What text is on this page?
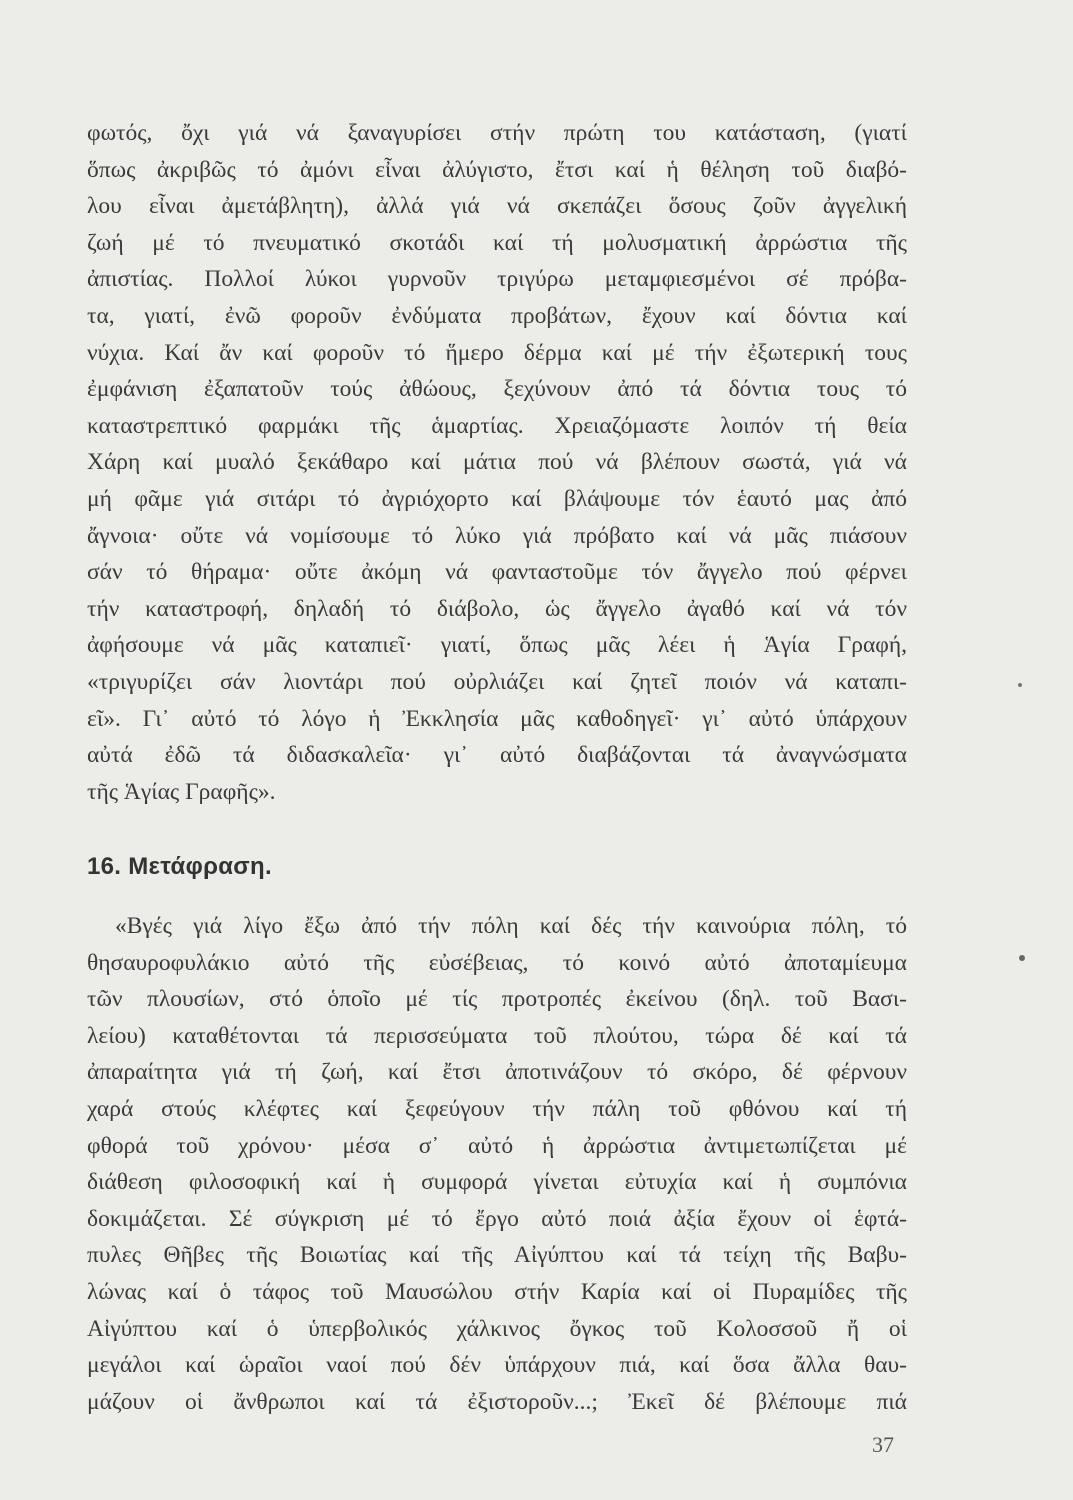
φωτός, ὄχι γιά νά ξαναγυρίσει στήν πρώτη του κατάσταση, (γιατί
ὅπως ἀκριβῶς τό ἀμόνι εἶναι ἀλύγιστο, ἔτσι καί ἡ θέληση τοῦ διαβό-
λου εἶναι ἀμετάβλητη), ἀλλά γιά νά σκεπάζει ὅσους ζοῦν ἀγγελική
ζωή μέ τό πνευματικό σκοτάδι καί τή μολυσματική ἀρρώστια τῆς
ἀπιστίας. Πολλοί λύκοι γυρνοῦν τριγύρω μεταμφιεσμένοι σέ πρόβα-
τα, γιατί, ἐνῶ φοροῦν ἐνδύματα προβάτων, ἔχουν καί δόντια καί
νύχια. Καί ἄν καί φοροῦν τό ἥμερο δέρμα καί μέ τήν ἐξωτερική τους
ἐμφάνιση ἐξαπατοῦν τούς ἀθώους, ξεχύνουν ἀπό τά δόντια τους τό
καταστρεπτικό φαρμάκι τῆς ἁμαρτίας. Χρειαζόμαστε λοιπόν τή θεία
Χάρη καί μυαλό ξεκάθαρο καί μάτια πού νά βλέπουν σωστά, γιά νά
μή φᾶμε γιά σιτάρι τό ἀγριόχορτο καί βλάψουμε τόν ἑαυτό μας ἀπό
ἄγνοια· οὔτε νά νομίσουμε τό λύκο γιά πρόβατο καί νά μᾶς πιάσουν
σάν τό θήραμα· οὔτε ἀκόμη νά φανταστοῦμε τόν ἄγγελο πού φέρνει
τήν καταστροφή, δηλαδή τό διάβολο, ὡς ἄγγελο ἀγαθό καί νά τόν
ἀφήσουμε νά μᾶς καταπιεῖ· γιατί, ὅπως μᾶς λέει ἡ Ἁγία Γραφή,
«τριγυρίζει σάν λιοντάρι πού οὐρλιάζει καί ζητεῖ ποιόν νά καταπι-
εῖ». Γι᾿ αὐτό τό λόγο ἡ Ἐκκλησία μᾶς καθοδηγεῖ· γι᾿ αὐτό ὑπάρχουν
αὐτά ἐδῶ τά διδασκαλεῖα· γι᾿ αὐτό διαβάζονται τά ἀναγνώσματα
τῆς Ἁγίας Γραφῆς».
16. Μετάφραση.
«Βγές γιά λίγο ἔξω ἀπό τήν πόλη καί δές τήν καινούρια πόλη, τό
θησαυροφυλάκιο αὐτό τῆς εὐσέβειας, τό κοινό αὐτό ἀποταμίευμα
τῶν πλουσίων, στό ὁποῖο μέ τίς προτροπές ἐκείνου (δηλ. τοῦ Βασι-
λείου) καταθέτονται τά περισσεύματα τοῦ πλούτου, τώρα δέ καί τά
ἀπαραίτητα γιά τή ζωή, καί ἔτσι ἀποτινάζουν τό σκόρο, δέ φέρνουν
χαρά στούς κλέφτες καί ξεφεύγουν τήν πάλη τοῦ φθόνου καί τή
φθορά τοῦ χρόνου· μέσα σ᾿ αὐτό ἡ ἀρρώστια ἀντιμετωπίζεται μέ
διάθεση φιλοσοφική καί ἡ συμφορά γίνεται εὐτυχία καί ἡ συμπόνια
δοκιμάζεται. Σέ σύγκριση μέ τό ἔργο αὐτό ποιά ἀξία ἔχουν οἱ ἑφτά-
πυλες Θῆβες τῆς Βοιωτίας καί τῆς Αἰγύπτου καί τά τείχη τῆς Βαβυ-
λώνας καί ὁ τάφος τοῦ Μαυσώλου στήν Καρία καί οἱ Πυραμίδες τῆς
Αἰγύπτου καί ὁ ὑπερβολικός χάλκινος ὄγκος τοῦ Κολοσσοῦ ἤ οἱ
μεγάλοι καί ὡραῖοι ναοί πού δέν ὑπάρχουν πιά, καί ὅσα ἄλλα θαυ-
μάζουν οἱ ἄνθρωποι καί τά ἐξιστοροῦν...; Ἐκεῖ δέ βλέπουμε πιά
37
